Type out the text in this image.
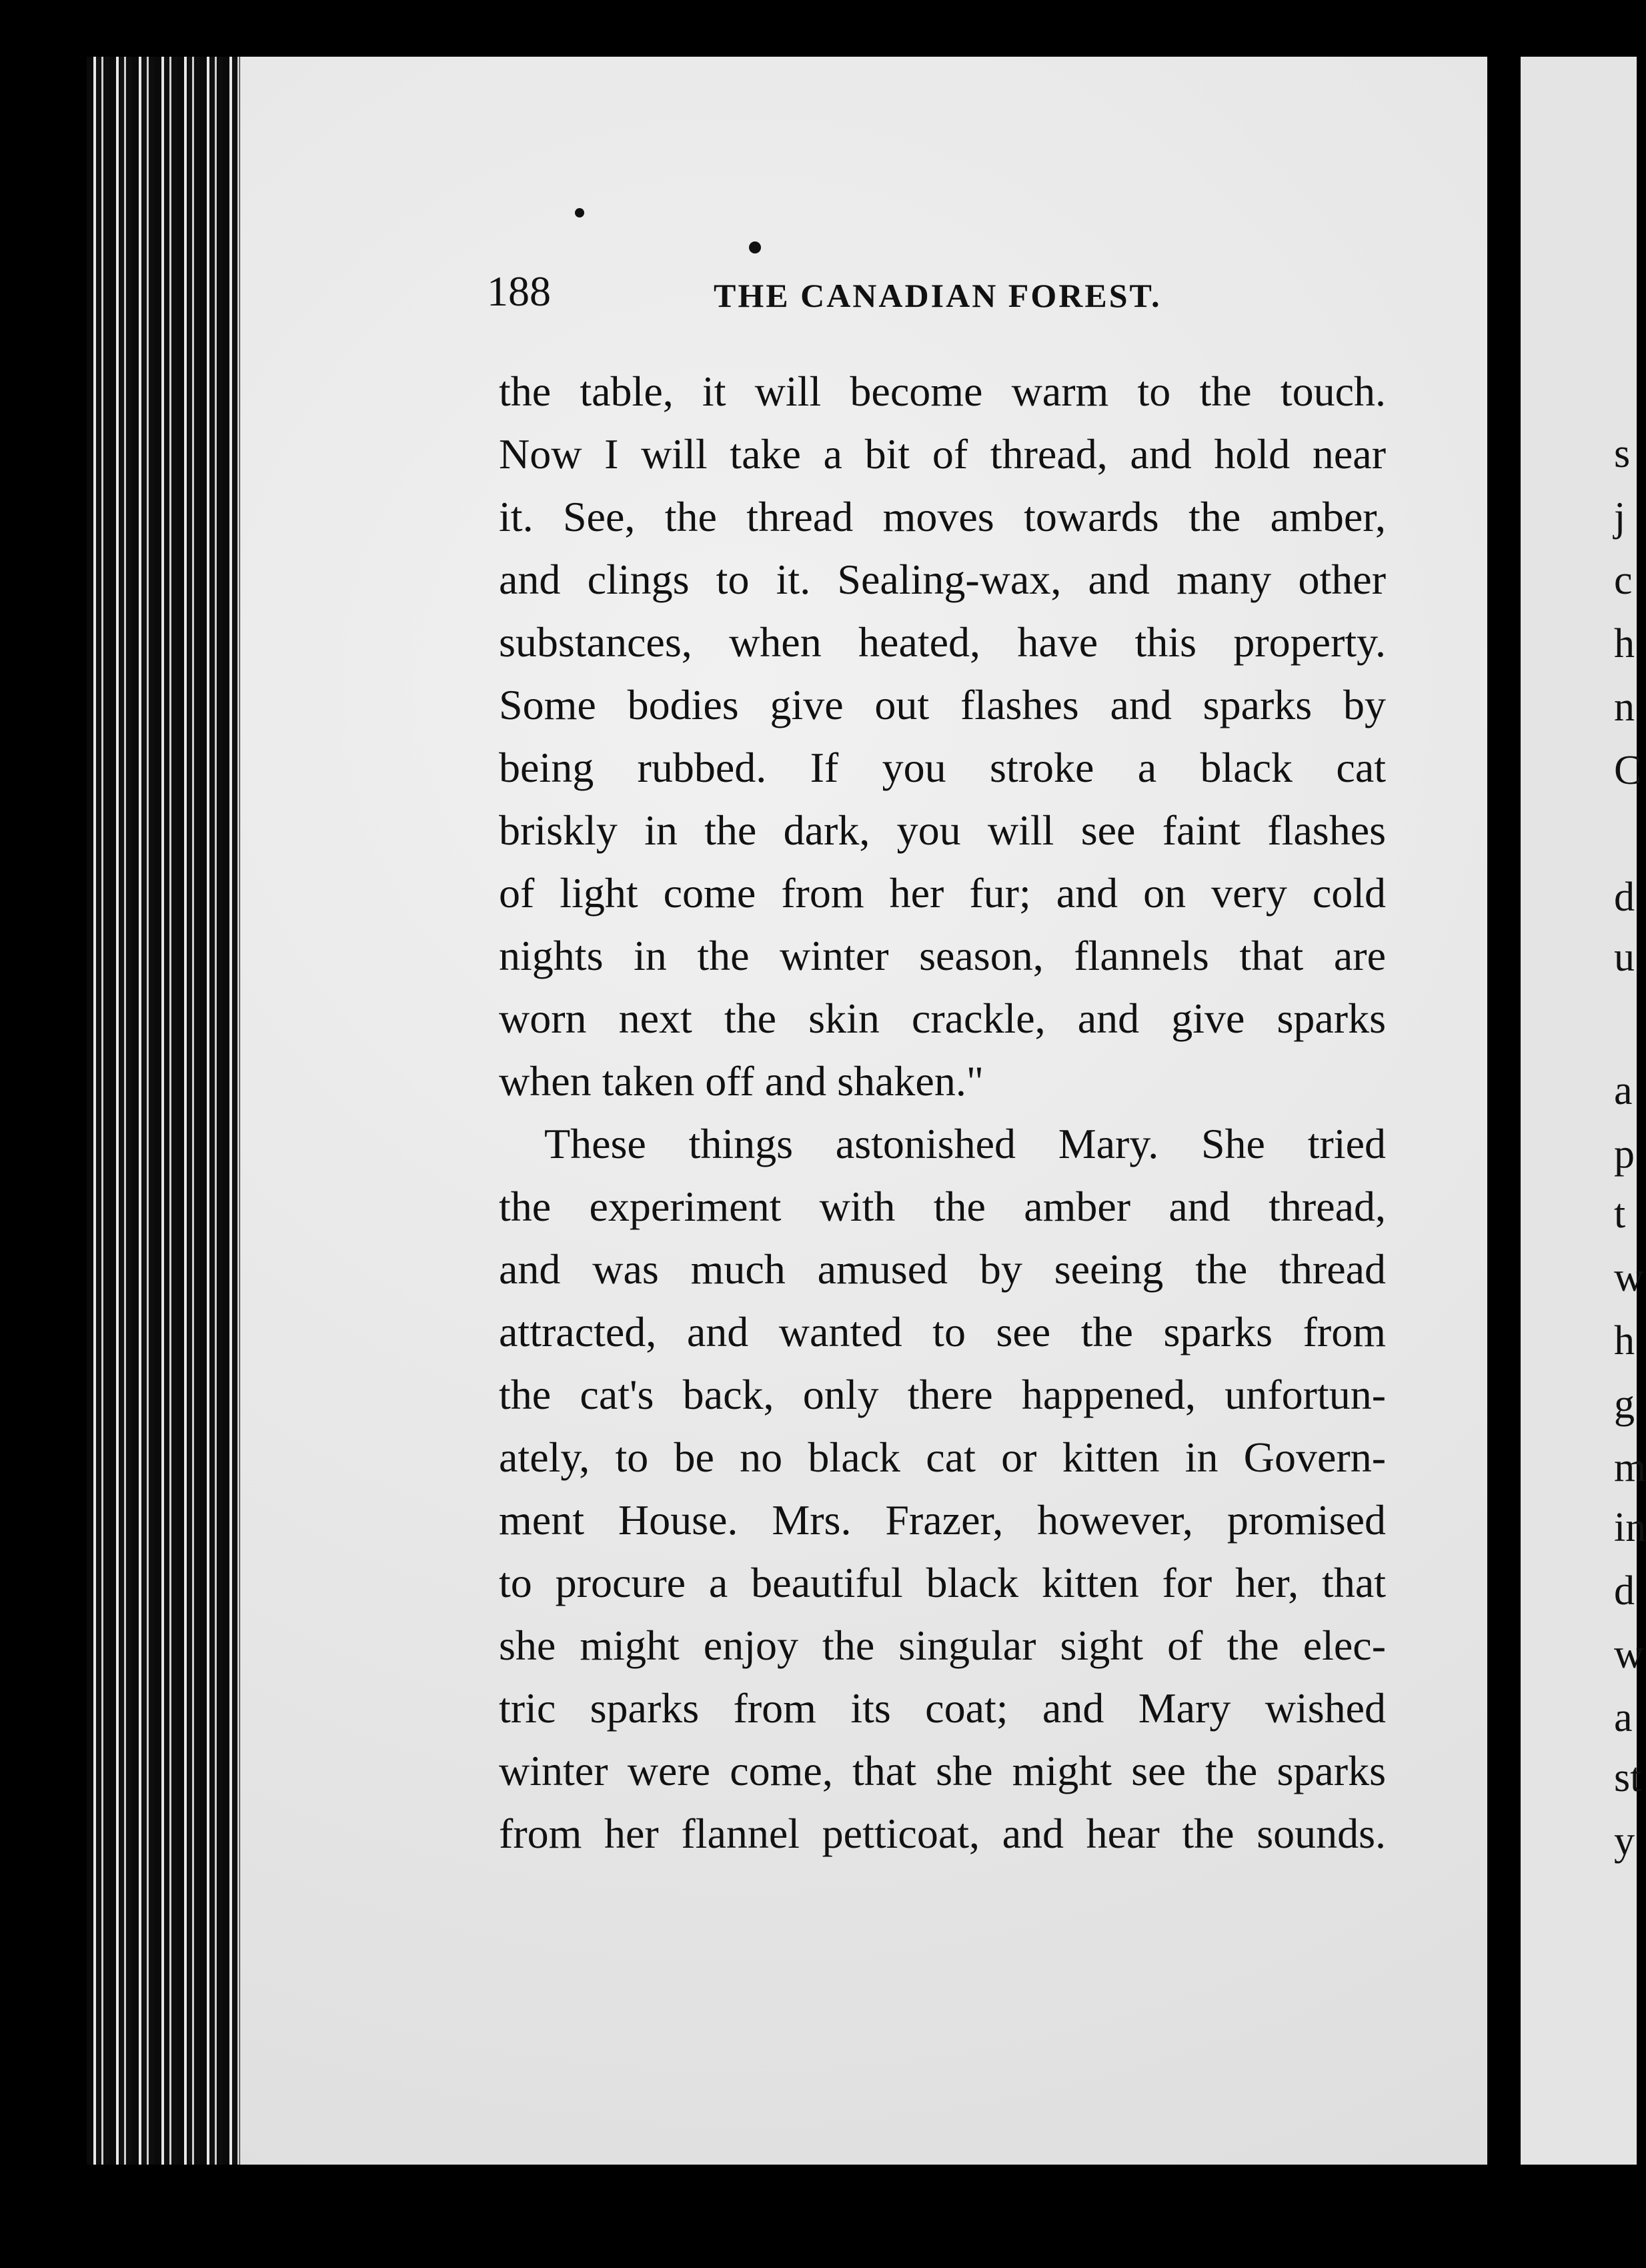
s
j
c
h
n
C
d
u
a
p
t
w
h
g
m
in
d
w
a
st
y
188	THE CANADIAN FOREST.
the table, it will become warm to the touch.
Now I will take a bit of thread, and hold near
it. See, the thread moves towards the amber,
and clings to it. Sealing-wax, and many other
substances, when heated, have this property.
Some bodies give out flashes and sparks by
being rubbed. If you stroke a black cat
briskly in the dark, you will see faint flashes
of light come from her fur; and on very cold
nights in the winter season, flannels that are
worn next the skin crackle, and give sparks
when taken off and shaken."
These things astonished Mary. She tried
the experiment with the amber and thread,
and was much amused by seeing the thread
attracted, and wanted to see the sparks from
the cat's back, only there happened, unfortun-
ately, to be no black cat or kitten in Govern-
ment House. Mrs. Frazer, however, promised
to procure a beautiful black kitten for her, that
she might enjoy the singular sight of the elec-
tric sparks from its coat; and Mary wished
winter were come, that she might see the sparks
from her flannel petticoat, and hear the sounds.
